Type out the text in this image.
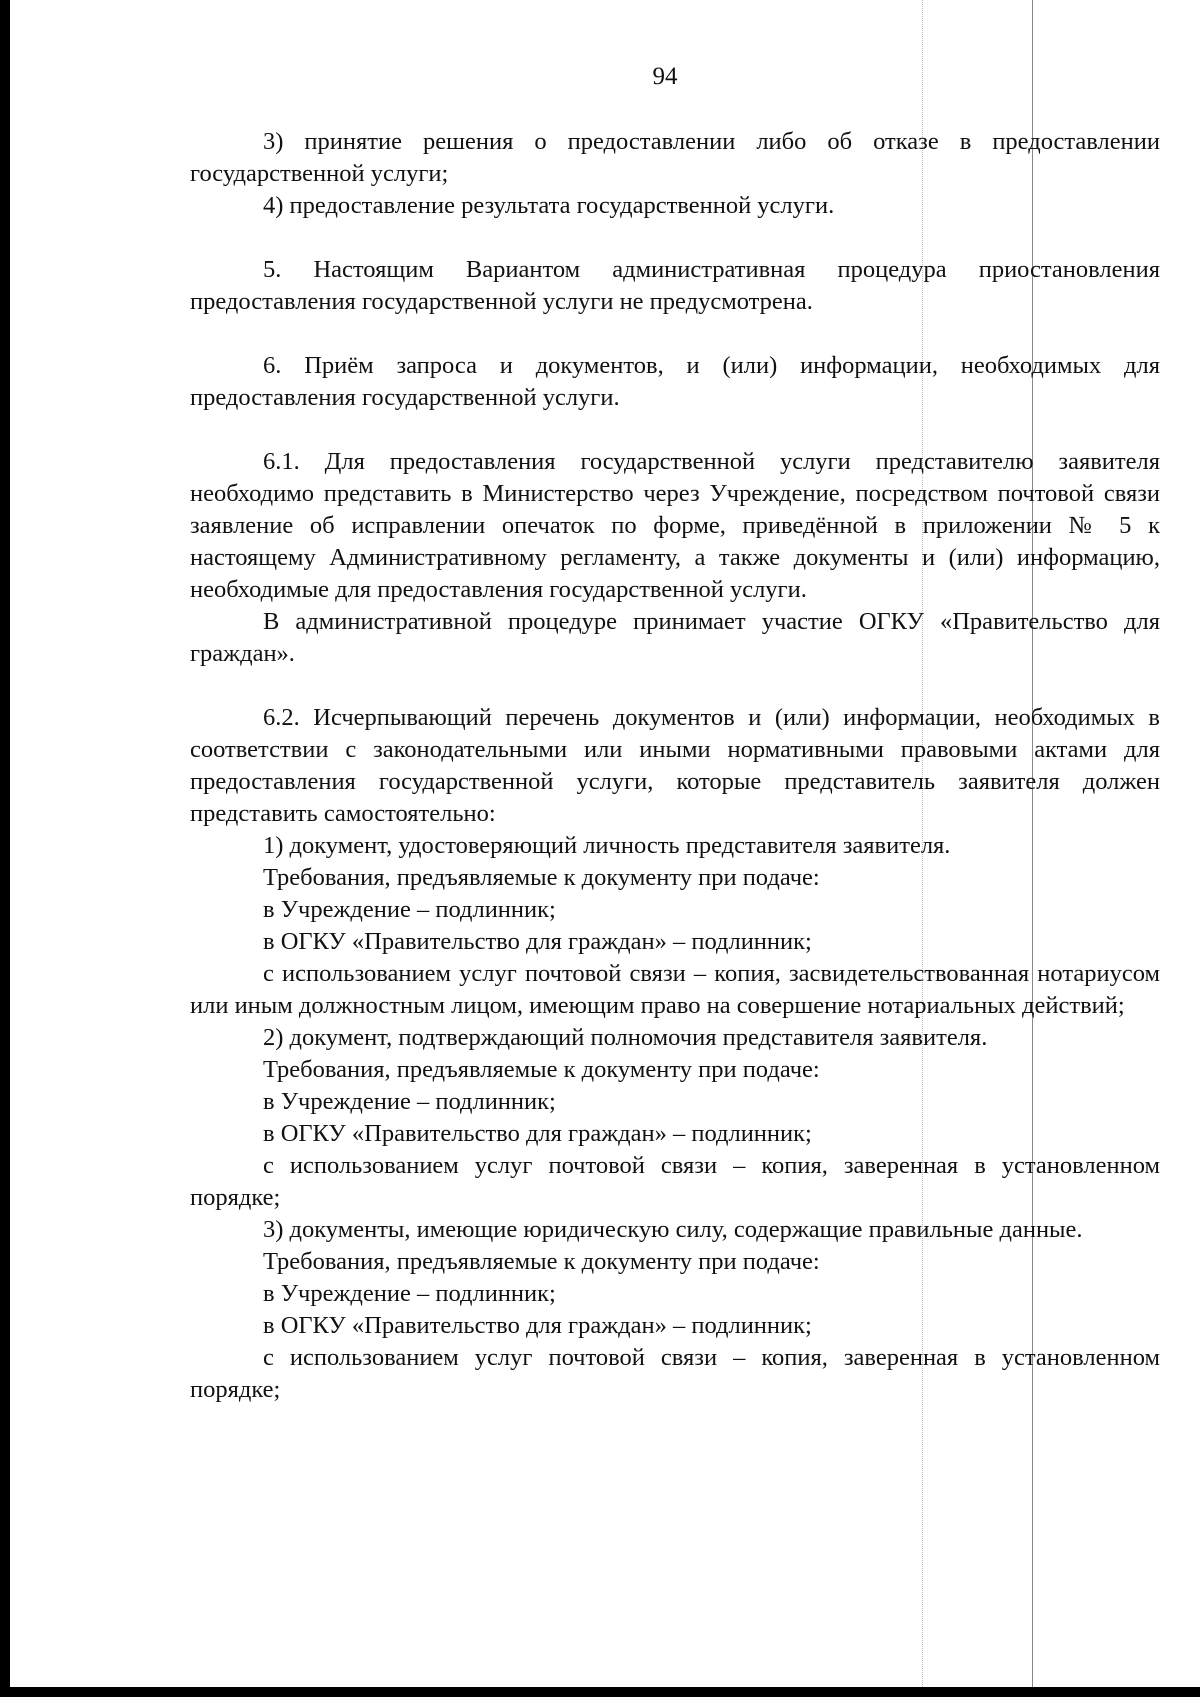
94

3) принятие решения о предоставлении либо об отказе в предоставлении государственной услуги;

4) предоставление результата государственной услуги.

5. Настоящим Вариантом административная процедура приостановления предоставления государственной услуги не предусмотрена.

6. Приём запроса и документов, и (или) информации, необходимых для предоставления государственной услуги.

6.1. Для предоставления государственной услуги представителю заявителя необходимо представить в Министерство через Учреждение, посредством почтовой связи заявление об исправлении опечаток по форме, приведённой в приложении № 5 к настоящему Административному регламенту, а также документы и (или) информацию, необходимые для предоставления государственной услуги.

В административной процедуре принимает участие ОГКУ «Правительство для граждан».

6.2. Исчерпывающий перечень документов и (или) информации, необходимых в соответствии с законодательными или иными нормативными правовыми актами для предоставления государственной услуги, которые представитель заявителя должен представить самостоятельно:

1) документ, удостоверяющий личность представителя заявителя.

Требования, предъявляемые к документу при подаче:

в Учреждение – подлинник;

в ОГКУ «Правительство для граждан» – подлинник;

с использованием услуг почтовой связи – копия, засвидетельствованная нотариусом или иным должностным лицом, имеющим право на совершение нотариальных действий;

2) документ, подтверждающий полномочия представителя заявителя.

Требования, предъявляемые к документу при подаче:

в Учреждение – подлинник;

в ОГКУ «Правительство для граждан» – подлинник;

с использованием услуг почтовой связи – копия, заверенная в установленном порядке;

3) документы, имеющие юридическую силу, содержащие правильные данные.

Требования, предъявляемые к документу при подаче:

в Учреждение – подлинник;

в ОГКУ «Правительство для граждан» – подлинник;

с использованием услуг почтовой связи – копия, заверенная в установленном порядке;
